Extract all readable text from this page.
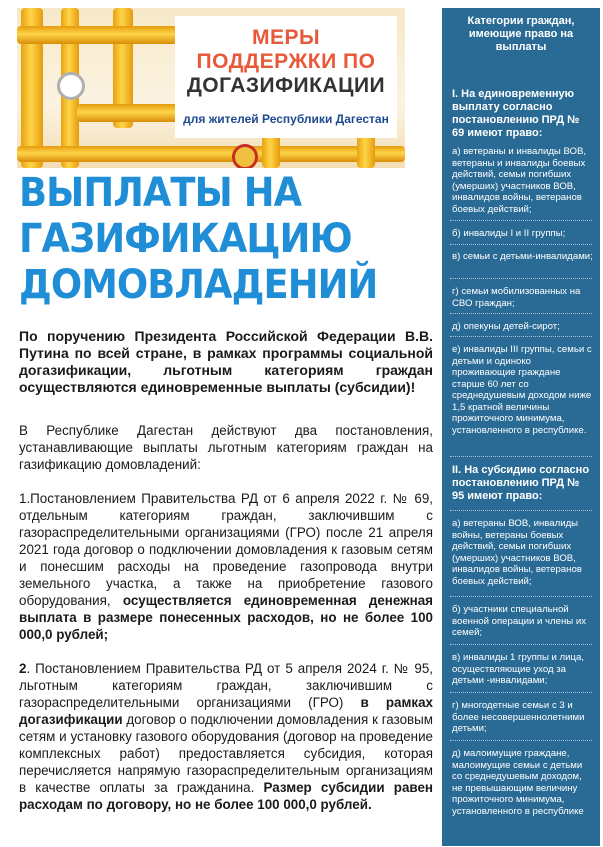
МЕРЫ
ПОДДЕРЖКИ ПО
ДОГАЗИФИКАЦИИ
для жителей Республики Дагестан
ВЫПЛАТЫ НА
ГАЗИФИКАЦИЮ
ДОМОВЛАДЕНИЙ
По поручению Президента Российской Федерации В.В. Путина по всей стране, в рамках программы социальной догазификации, льготным категориям граждан осуществляются единовременные выплаты (субсидии)!
В Республике Дагестан действуют два постановления, устанавливающие выплаты льготным категориям граждан на газификацию домовладений:
1.Постановлением Правительства РД от 6 апреля 2022 г. № 69, отдельным категориям граждан, заключившим с газораспределительными организациями (ГРО) после 21 апреля 2021 года договор о подключении домовладения к газовым сетям и понесшим расходы на проведение газопровода внутри земельного участка, а также на приобретение газового оборудования, осуществляется единовременная денежная выплата в размере понесенных расходов, но не более 100 000,0 рублей;
2. Постановлением Правительства РД от 5 апреля 2024 г. № 95, льготным категориям граждан, заключившим с газораспределительными организациями (ГРО) в рамках догазификации договор о подключении домовладения к газовым сетям и установку газового оборудования (договор на проведение комплексных работ) предоставляется субсидия, которая перечисляется напрямую газораспределительным организациям в качестве оплаты за гражданина. Размер субсидии равен расходам по договору, но не более 100 000,0 рублей.
Категории граждан, имеющие право на выплаты
I. На единовременную выплату согласно постановлению ПРД № 69 имеют право:
а) ветераны и инвалиды ВОВ, ветераны и инвалиды боевых действий, семьи погибших (умерших) участников ВОВ, инвалидов войны, ветеранов боевых действий;
б) инвалиды I и II группы;
в) семьи с детьми-инвалидами;
г) семьи мобилизованных на СВО граждан;
д) опекуны детей-сирот;
е) инвалиды III группы, семьи с детьми и одиноко проживающие граждане старше 60 лет со среднедушевым доходом ниже 1,5 кратной величины прожиточного минимума, установленного в республике.
II. На субсидию согласно постановлению ПРД № 95 имеют право:
а) ветераны ВОВ, инвалиды войны, ветераны боевых действий, семьи погибших (умерших) участников ВОВ, инвалидов войны, ветеранов боевых действий;
б) участники специальной военной операции и члены их семей;
в) инвалиды 1 группы и лица, осуществляющие уход за детьми -инвалидами;
г) многодетные семьи с 3 и более несовершеннолетними детьми;
д) малоимущие граждане, малоимущие семьи с детьми со среднедушевым доходом, не превышающим величину прожиточного минимума, установленного в республике
